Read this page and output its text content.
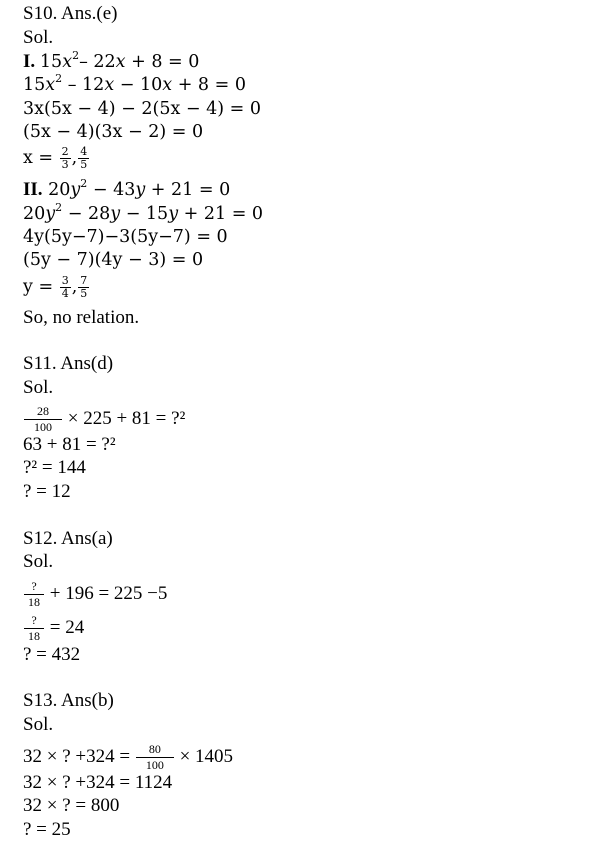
S10. Ans.(e)
Sol.
I. $15x^2-$ 22x + 8 = 0
$15x^2 - 12x - 10x + 8 = 0$
3x(5x − 4) − 2(5x − 4) = 0
(5x − 4)(3x − 2) = 0
$x = \frac{2}{3}$ , $\frac{4}{5}$
II. $20y^2 - 43y + 21 = 0$
$20y^2 - 28y - 15y + 21 = 0$
4y(5y−7)−3(5y−7) = 0
(5y − 7)(4y − 3) = 0
$y = \frac{3}{4}$ , $\frac{7}{5}$
So, no relation.
S11. Ans(d)
Sol.
$\frac{28}{100} \times 225 + 81$ = ?²
63 + 81 = ?²
?² = 144
? = 12
S12. Ans(a)
Sol.
$\frac{?}{18} + 196 = 225 -5$
$\frac{?}{18} = 24$
? = 432
S13. Ans(b)
Sol.
32 × ? $+324 = \frac{80}{100} \times 1405$
32 × ? +324 = 1124
32 × ? = 800
? = 25
